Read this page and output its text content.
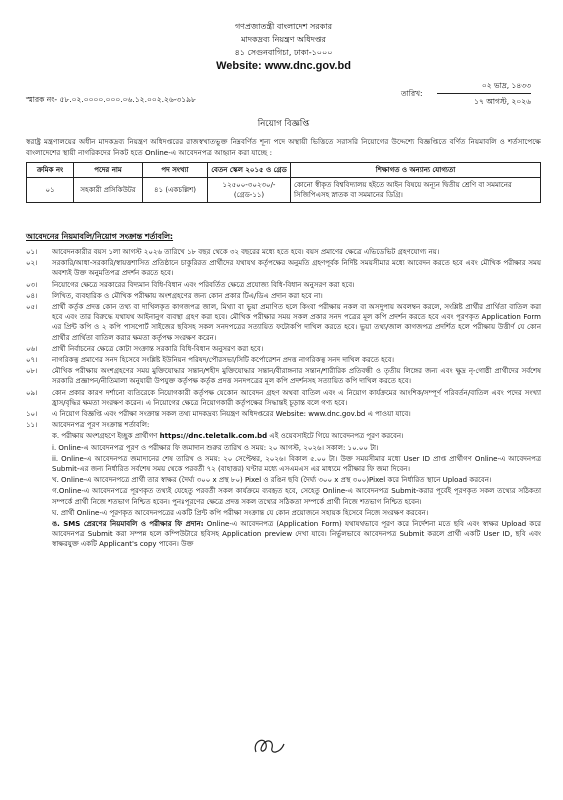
গণপ্রজাতন্ত্রী বাংলাদেশ সরকার
মাদকদ্রব্য নিয়ন্ত্রণ অধিদপ্তর
৪১ সেগুনবাগিচা, ঢাকা-১০০০
Website: www.dnc.gov.bd
স্মারক নং- ৫৮.০২.০০০০.০০০.০৬.১২.০০২.২৬-৩১৯৮
তারিখ:
০২ ভাদ্র, ১৪৩৩
১৭ আগস্ট, ২০২৬
নিয়োগ বিজ্ঞপ্তি

স্বরাষ্ট্র মন্ত্রণালয়ের অধীন মাদকদ্রব্য নিয়ন্ত্রণ অধিদপ্তরের রাজস্বখাতভুক্ত নিম্নবর্ণিত শূন্য পদে অস্থায়ী ভিত্তিতে সরাসরি নিয়োগের উদ্দেশ্যে বিজ্ঞপ্তিতে বর্ণিত নিয়মাবলি ও শর্তসাপেক্ষে বাংলাদেশের স্থায়ী নাগরিকদের নিকট হতে Online-এ আবেদনপত্র আহ্বান করা যাচ্ছে :

ক্রমিক নং	পদের নাম	পদ সংখ্যা	বেতন স্কেল ২০১৫ ও গ্রেড	শিক্ষাগত ও অন্যান্য যোগ্যতা
০১	সহকারী প্রসিকিউটর	৪১ (একচল্লিশ)	১২৫০০-৩০২৩০/- (গ্রেড-১১)	কোনো স্বীকৃত বিশ্ববিদ্যালয় হইতে আইন বিষয়ে অন্যূন দ্বিতীয় শ্রেণি বা সমমানের সিজিপিএসহ স্নাতক বা সমমানের ডিগ্রি।
আবেদনের নিয়মাবলি/নিয়োগ সংক্রান্ত শর্তাবলি:
০১।	আবেদনকারীর বয়স ১লা আগস্ট ২০২৬ তারিখে ১৮ বছর থেকে ৩২ বছরের মধ্যে হতে হবে। বয়স প্রমাণের ক্ষেত্রে এভিডেভিট গ্রহণযোগ্য নয়।
০২।	সরকারি/আধা-সরকারি/স্বায়ত্তশাসিত প্রতিষ্ঠানে চাকুরিরত প্রার্থীদের যথাযথ কর্তৃপক্ষের অনুমতি গ্রহণপূর্বক নির্দিষ্ট সময়সীমার মধ্যে আবেদন করতে হবে এবং মৌখিক পরীক্ষার সময় অবশ্যই উক্ত অনুমতিপত্র প্রদর্শন করতে হবে।
০৩।	নিয়োগের ক্ষেত্রে সরকারের বিদ্যমান বিধি-বিধান এবং পরিবর্তিত ক্ষেত্রে প্রযোজ্য বিধি-বিধান অনুসরণ করা হবে।
০৪।	লিখিত, ব্যবহারিক ও মৌখিক পরীক্ষায় অংশগ্রহণের জন্য কোন প্রকার টিএ/ডিএ প্রদান করা হবে না।
০৫।	প্রার্থী কর্তৃক প্রদত্ত কোন তথ্য বা দাখিলকৃত কাগজপত্র জাল, মিথ্যা বা ভুয়া প্রমাণিত হলে কিংবা পরীক্ষায় নকল বা অসদুপায় অবলম্বন করলে, সংশ্লিষ্ট প্রার্থীর প্রার্থিতা বাতিল করা হবে এবং তার বিরুদ্ধে যথাযথ আইনানুগ ব্যবস্থা গ্রহণ করা হবে। মৌখিক পরীক্ষার সময় সকল প্রকার সনদ পত্রের মূল কপি প্রদর্শন করতে হবে এবং পূরণকৃত Application Form এর প্রিন্ট কপি ও ২ কপি পাসপোর্ট সাইজের ছবিসহ সকল সনদপত্রের সত্যায়িত ফটোকপি দাখিল করতে হবে। ভুয়া তথ্য/জাল কাগজপত্র প্রদর্শিত হলে পরীক্ষায় উত্তীর্ণ যে কোন প্রার্থীর প্রার্থিতা বাতিল করার ক্ষমতা কর্তৃপক্ষ সংরক্ষণ করেন।
০৬।	প্রার্থী নির্বাচনের ক্ষেত্রে কোটা সংক্রান্ত সরকারি বিধি-বিধান অনুসরণ করা হবে।
০৭।	নাগরিকত্ব প্রমাণের সনদ হিসেবে সংশ্লিষ্ট ইউনিয়ন পরিষদ/পৌরসভা/সিটি কর্পোরেশন প্রদত্ত নাগরিকত্ব সনদ দাখিল করতে হবে।
০৮।	মৌখিক পরীক্ষায় অংশগ্রহণের সময় মুক্তিযোদ্ধার সন্তান/শহীদ মুক্তিযোদ্ধার সন্তান/বীরাঙ্গনার সন্তান/শারীরিক প্রতিবন্ধী ও তৃতীয় লিঙ্গের জন্য এবং ক্ষুদ্র নৃ-গোষ্ঠী প্রার্থীদের সর্বশেষ সরকারি প্রজ্ঞাপন/নীতিমালা অনুযায়ী উপযুক্ত কর্তৃপক্ষ কর্তৃক প্রদত্ত সনদপত্রের মূল কপি প্রদর্শনসহ সত্যায়িত কপি দাখিল করতে হবে।
০৯।	কোন প্রকার কারণ দর্শানো ব্যতিরেকে নিয়োগকারী কর্তৃপক্ষ যেকোন আবেদন গ্রহণ অথবা বাতিল এবং এ নিয়োগ কার্যক্রমের আংশিক/সম্পূর্ণ পরিবর্তন/বাতিল এবং পদের সংখ্যা হ্রাস/বৃদ্ধির ক্ষমতা সংরক্ষণ করেন। এ নিয়োগের ক্ষেত্রে নিয়োগকারী কর্তৃপক্ষের সিদ্ধান্তই চূড়ান্ত বলে গণ্য হবে।
১০।	এ নিয়োগ বিজ্ঞপ্তি এবং পরীক্ষা সংক্রান্ত সকল তথ্য মাদকদ্রব্য নিয়ন্ত্রণ অধিদপ্তরের Website: www.dnc.gov.bd এ পাওয়া যাবে।
১১।	আবেদনপত্র পূরণ সংক্রান্ত শর্তাবলি:
ক. পরীক্ষায় অংশগ্রহণে ইচ্ছুক প্রার্থীগণ https://dnc.teletalk.com.bd এই ওয়েবসাইটে গিয়ে আবেদনপত্র পূরণ করবেন।
i. Online-এ আবেদনপত্র পূরণ ও পরীক্ষার ফি জমাদান শুরুর তারিখ ও সময়: ২০ আগস্ট, ২০২৬। সকাল: ১০.০০ টা।
ii. Online-এ আবেদনপত্র জমাদানের শেষ তারিখ ও সময়: ২০ সেপ্টেম্বর, ২০২৬। বিকাল ৫.০০ টা। উক্ত সময়সীমার মধ্যে User ID প্রাপ্ত প্রার্থীগণ Online-এ আবেদনপত্র Submit-এর জন্য নির্ধারিত সর্বশেষ সময় থেকে পরবর্তী ৭২ (বাহাত্তর) ঘণ্টার মধ্যে এসএমএস এর মাধ্যমে পরীক্ষার ফি জমা দিবেন।
খ. Online-এ আবেদনপত্রে প্রার্থী তার স্বাক্ষর (দৈর্ঘ্য ৩০০ x প্রস্থ ৮০) Pixel ও রঙিন ছবি (দৈর্ঘ্য ৩০০ x প্রস্থ ৩০০)Pixel করে নির্ধারিত স্থানে Upload করবেন।
গ.Online-এ আবেদনপত্রে পূরণকৃত তথ্যই যেহেতু পরবর্তী সকল কার্যক্রমে ব্যবহৃত হবে, সেহেতু Online-এ আবেদনপত্র Submit-করার পূর্বেই পূরণকৃত সকল তথ্যের সঠিকতা সম্পর্কে প্রার্থী নিজে শতভাগ নিশ্চিত হবেন। পুনঃপূরণের ক্ষেত্রে প্রদত্ত সকল তথ্যের সঠিকতা সম্পর্কে প্রার্থী নিজে শতভাগ নিশ্চিত হবেন।
ঘ. প্রার্থী Online-এ পূরণকৃত আবেদনপত্রের একটি প্রিন্ট কপি পরীক্ষা সংক্রান্ত যে কোন প্রয়োজনে সহায়ক হিসেবে নিজে সংরক্ষণ করবেন।
ঙ. SMS প্রেরণের নিয়মাবলি ও পরীক্ষার ফি প্রদান: Online-এ আবেদনপত্র (Application Form) যথাযথভাবে পূরণ করে নির্দেশনা মতে ছবি এবং স্বাক্ষর Upload করে আবেদনপত্র Submit করা সম্পন্ন হলে কম্পিউটারে ছবিসহ Application preview দেখা যাবে। নির্ভুলভাবে আবেদনপত্র Submit করলে প্রার্থী একটি User ID, ছবি এবং স্বাক্ষরযুক্ত একটি Applicant's copy পাবেন। উক্ত
